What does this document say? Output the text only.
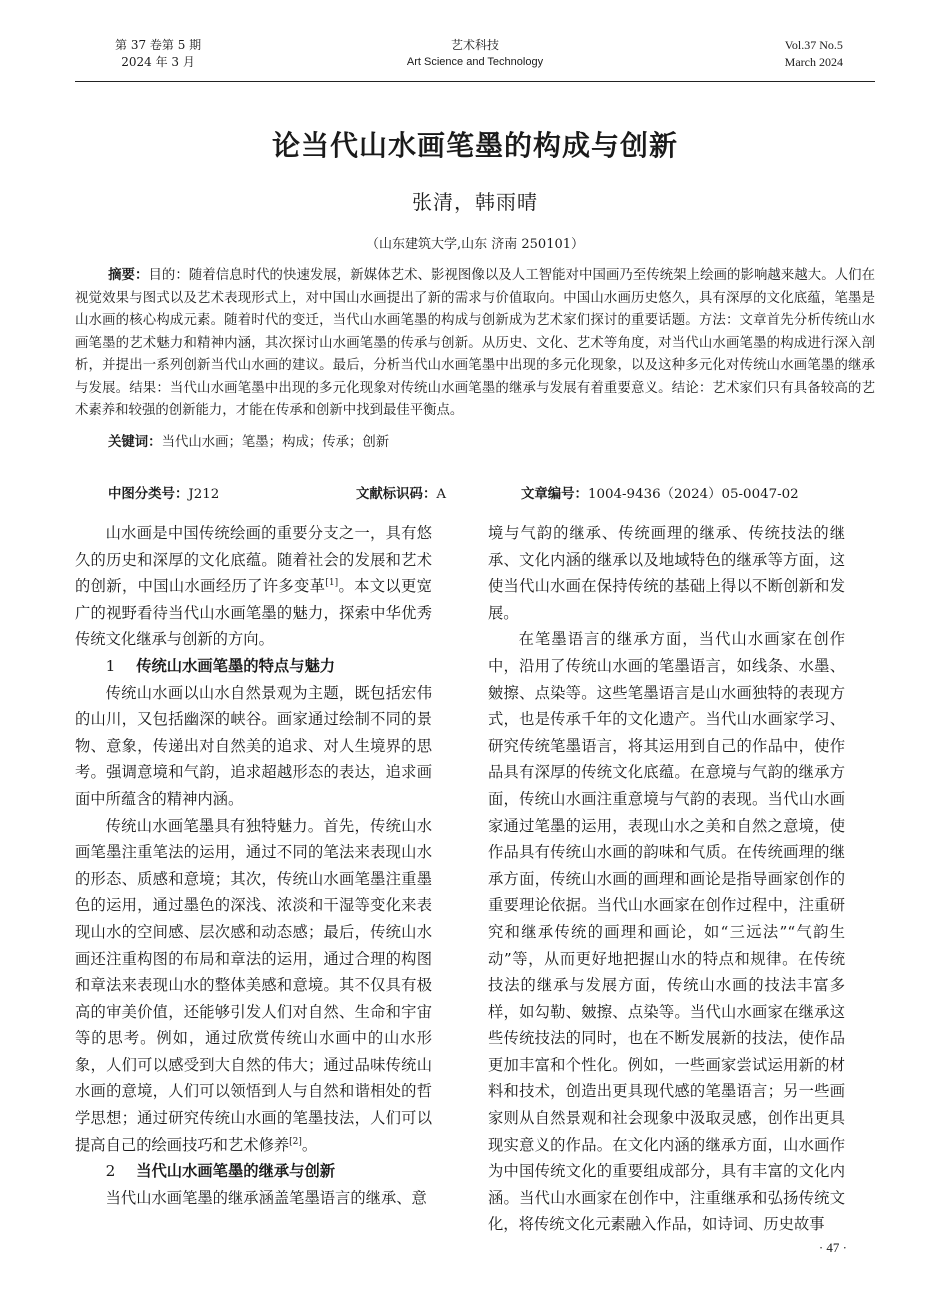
第 37 卷第 5 期
2024 年 3 月
艺术科技
Art Science and Technology
Vol.37 No.5
March 2024
论当代山水画笔墨的构成与创新
张清，韩雨晴
（山东建筑大学,山东 济南 250101）

摘要：目的：随着信息时代的快速发展，新媒体艺术、影视图像以及人工智能对中国画乃至传统架上绘画的影响越来越大。人们在视觉效果与图式以及艺术表现形式上，对中国山水画提出了新的需求与价值取向。中国山水画历史悠久，具有深厚的文化底蕴，笔墨是山水画的核心构成元素。随着时代的变迁，当代山水画笔墨的构成与创新成为艺术家们探讨的重要话题。方法：文章首先分析传统山水画笔墨的艺术魅力和精神内涵，其次探讨山水画笔墨的传承与创新。从历史、文化、艺术等角度，对当代山水画笔墨的构成进行深入剖析，并提出一系列创新当代山水画的建议。最后，分析当代山水画笔墨中出现的多元化现象，以及这种多元化对传统山水画笔墨的继承与发展。结果：当代山水画笔墨中出现的多元化现象对传统山水画笔墨的继承与发展有着重要意义。结论：艺术家们只有具备较高的艺术素养和较强的创新能力，才能在传承和创新中找到最佳平衡点。

关键词：当代山水画；笔墨；构成；传承；创新
中图分类号：J212	文献标识码：A	文章编号：1004-9436（2024）05-0047-02

山水画是中国传统绘画的重要分支之一，具有悠久的历史和深厚的文化底蕴。随着社会的发展和艺术的创新，中国山水画经历了许多变革[1]。本文以更宽广的视野看待当代山水画笔墨的魅力，探索中华优秀传统文化继承与创新的方向。

1 传统山水画笔墨的特点与魅力

传统山水画以山水自然景观为主题，既包括宏伟的山川，又包括幽深的峡谷。画家通过绘制不同的景物、意象，传递出对自然美的追求、对人生境界的思考。强调意境和气韵，追求超越形态的表达，追求画面中所蕴含的精神内涵。

传统山水画笔墨具有独特魅力。首先，传统山水画笔墨注重笔法的运用，通过不同的笔法来表现山水的形态、质感和意境；其次，传统山水画笔墨注重墨色的运用，通过墨色的深浅、浓淡和干湿等变化来表现山水的空间感、层次感和动态感；最后，传统山水画还注重构图的布局和章法的运用，通过合理的构图和章法来表现山水的整体美感和意境。其不仅具有极高的审美价值，还能够引发人们对自然、生命和宇宙等的思考。例如，通过欣赏传统山水画中的山水形象，人们可以感受到大自然的伟大；通过品味传统山水画的意境，人们可以领悟到人与自然和谐相处的哲学思想；通过研究传统山水画的笔墨技法，人们可以提高自己的绘画技巧和艺术修养[2]。

2 当代山水画笔墨的继承与创新

当代山水画笔墨的继承涵盖笔墨语言的继承、意

境与气韵的继承、传统画理的继承、传统技法的继承、文化内涵的继承以及地域特色的继承等方面，这使当代山水画在保持传统的基础上得以不断创新和发展。

在笔墨语言的继承方面，当代山水画家在创作中，沿用了传统山水画的笔墨语言，如线条、水墨、皴擦、点染等。这些笔墨语言是山水画独特的表现方式，也是传承千年的文化遗产。当代山水画家学习、研究传统笔墨语言，将其运用到自己的作品中，使作品具有深厚的传统文化底蕴。在意境与气韵的继承方面，传统山水画注重意境与气韵的表现。当代山水画家通过笔墨的运用，表现山水之美和自然之意境，使作品具有传统山水画的韵味和气质。在传统画理的继承方面，传统山水画的画理和画论是指导画家创作的重要理论依据。当代山水画家在创作过程中，注重研究和继承传统的画理和画论，如“三远法”“气韵生动”等，从而更好地把握山水的特点和规律。在传统技法的继承与发展方面，传统山水画的技法丰富多样，如勾勒、皴擦、点染等。当代山水画家在继承这些传统技法的同时，也在不断发展新的技法，使作品更加丰富和个性化。例如，一些画家尝试运用新的材料和技术，创造出更具现代感的笔墨语言；另一些画家则从自然景观和社会现象中汲取灵感，创作出更具现实意义的作品。在文化内涵的继承方面，山水画作为中国传统文化的重要组成部分，具有丰富的文化内涵。当代山水画家在创作中，注重继承和弘扬传统文化，将传统文化元素融入作品，如诗词、历史故事

· 47 ·
